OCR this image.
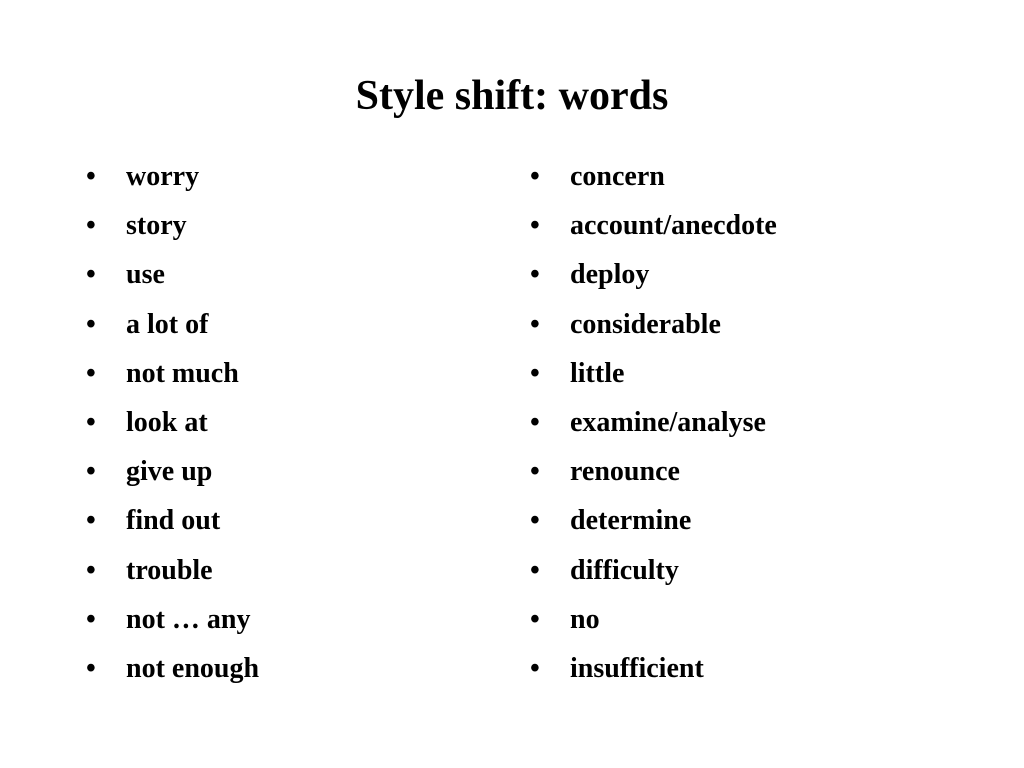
Style shift: words
• worry
• story
• use
• a lot of
• not much
• look at
• give up
• find out
• trouble
• not … any
• not enough
• concern
• account/anecdote
• deploy
• considerable
• little
• examine/analyse
• renounce
• determine
• difficulty
• no
• insufficient
